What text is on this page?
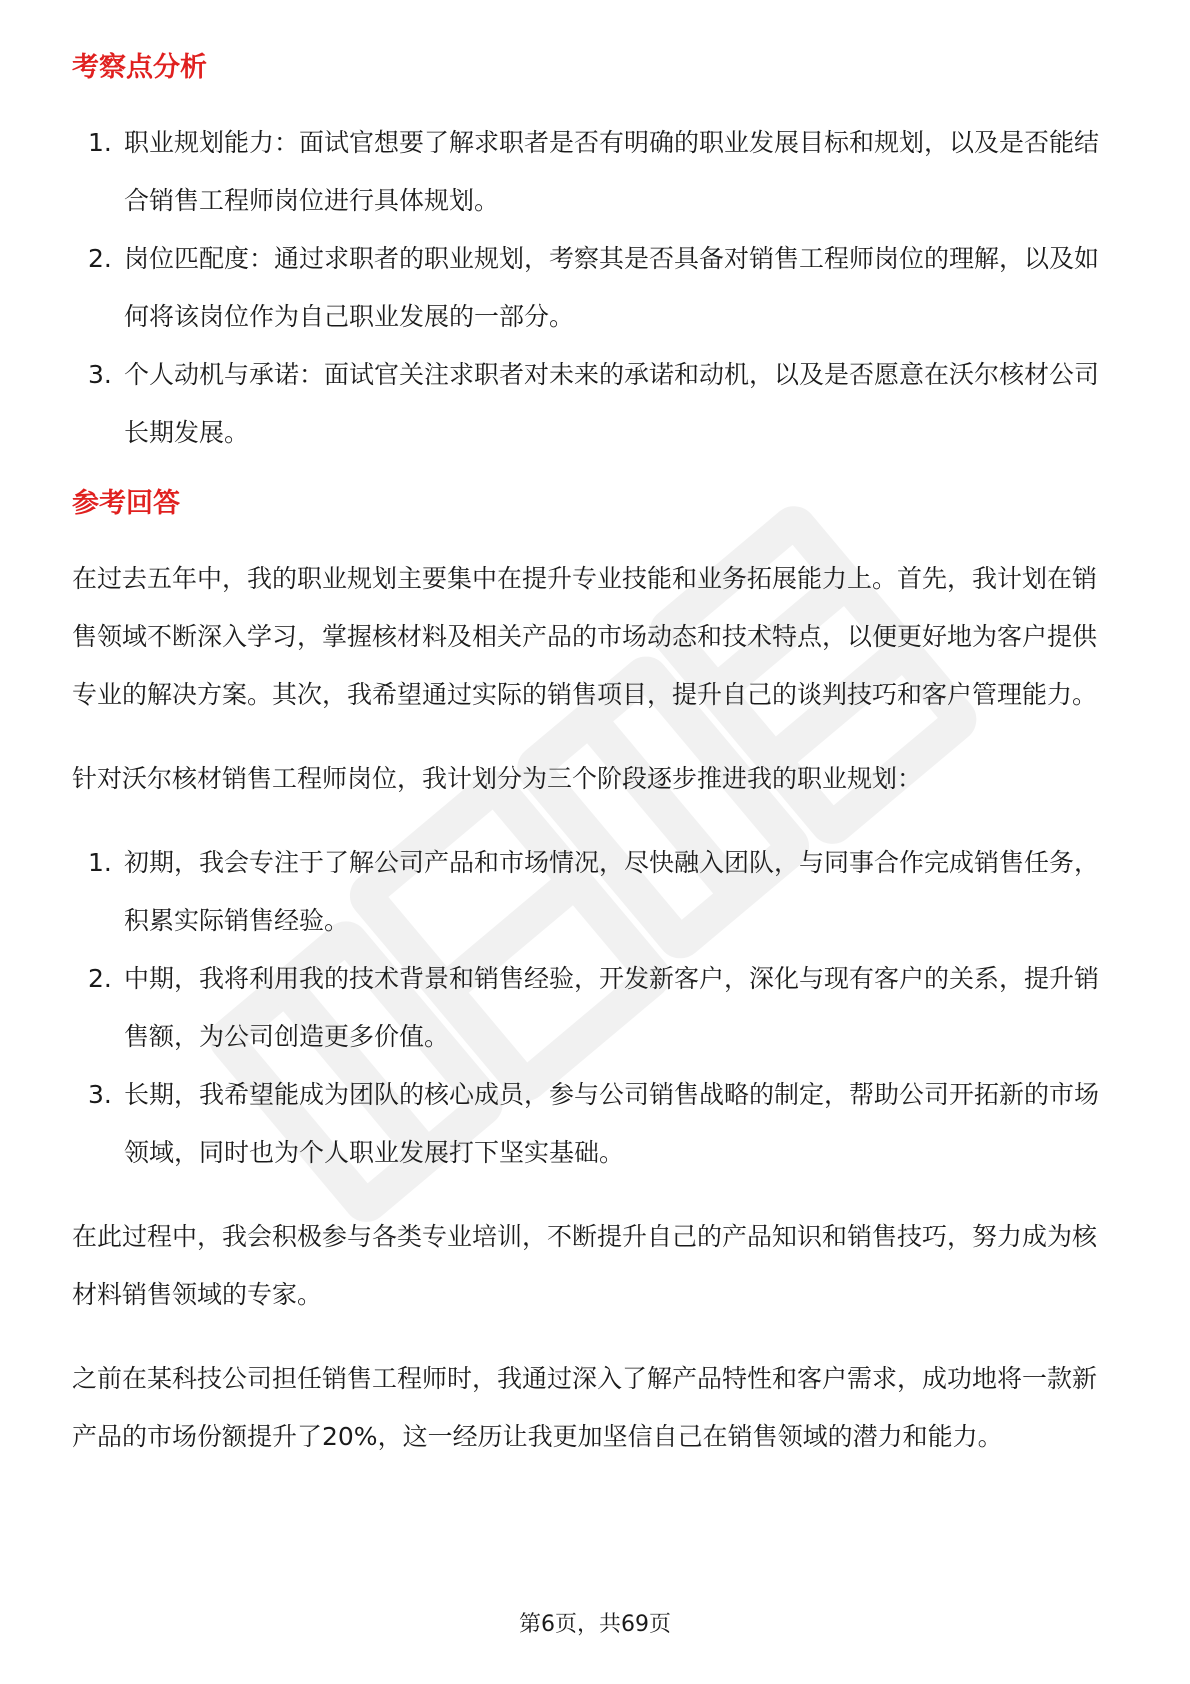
考察点分析
1. 职业规划能力：面试官想要了解求职者是否有明确的职业发展目标和规划，以及是否能结合销售工程师岗位进行具体规划。
2. 岗位匹配度：通过求职者的职业规划，考察其是否具备对销售工程师岗位的理解，以及如何将该岗位作为自己职业发展的一部分。
3. 个人动机与承诺：面试官关注求职者对未来的承诺和动机，以及是否愿意在沃尔核材公司长期发展。
参考回答

在过去五年中，我的职业规划主要集中在提升专业技能和业务拓展能力上。首先，我计划在销售领域不断深入学习，掌握核材料及相关产品的市场动态和技术特点，以便更好地为客户提供专业的解决方案。其次，我希望通过实际的销售项目，提升自己的谈判技巧和客户管理能力。

针对沃尔核材销售工程师岗位，我计划分为三个阶段逐步推进我的职业规划：

1. 初期，我会专注于了解公司产品和市场情况，尽快融入团队，与同事合作完成销售任务，积累实际销售经验。
2. 中期，我将利用我的技术背景和销售经验，开发新客户，深化与现有客户的关系，提升销售额，为公司创造更多价值。
3. 长期，我希望能成为团队的核心成员，参与公司销售战略的制定，帮助公司开拓新的市场领域，同时也为个人职业发展打下坚实基础。

在此过程中，我会积极参与各类专业培训，不断提升自己的产品知识和销售技巧，努力成为核材料销售领域的专家。

之前在某科技公司担任销售工程师时，我通过深入了解产品特性和客户需求，成功地将一款新产品的市场份额提升了20%，这一经历让我更加坚信自己在销售领域的潜力和能力。

第6页，共69页
